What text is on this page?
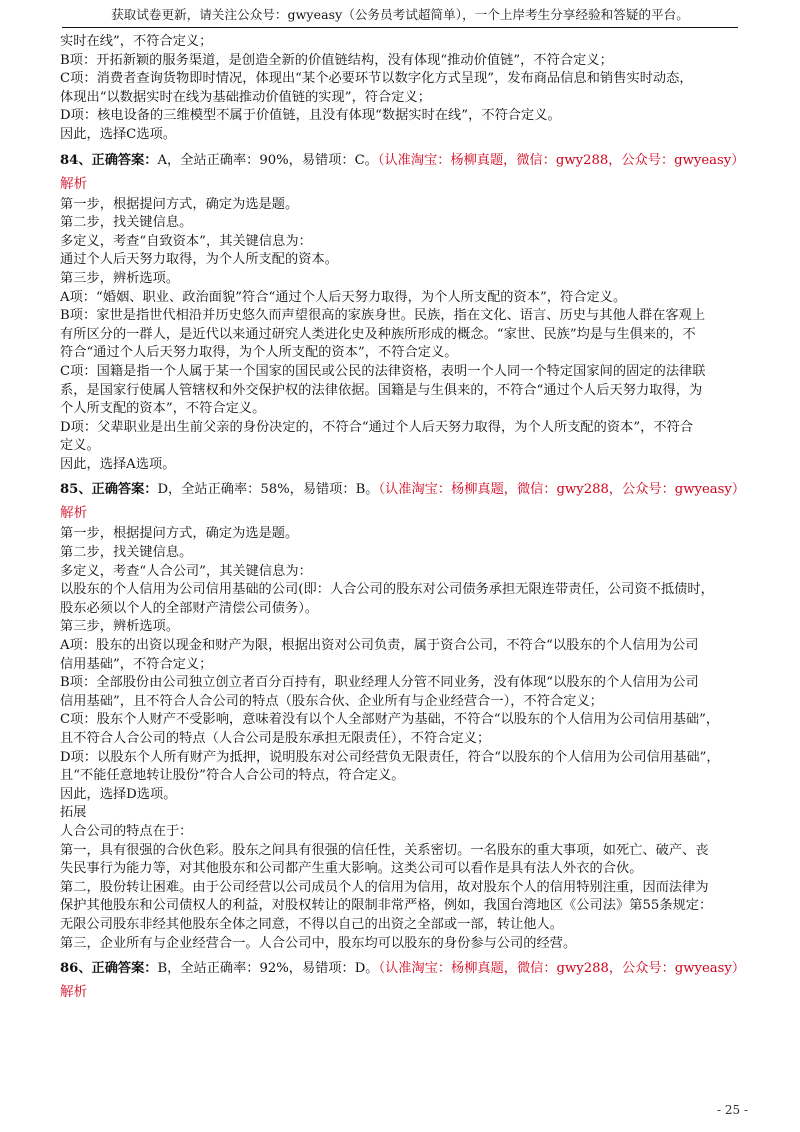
获取试卷更新，请关注公众号：gwyeasy（公务员考试超简单），一个上岸考生分享经验和答疑的平台。
实时在线”，不符合定义；
B项：开拓新颖的服务渠道，是创造全新的价值链结构，没有体现“推动价值链”，不符合定义；
C项：消费者查询货物即时情况，体现出“某个必要环节以数字化方式呈现”，发布商品信息和销售实时动态，
体现出“以数据实时在线为基础推动价值链的实现”，符合定义；
D项：核电设备的三维模型不属于价值链，且没有体现“数据实时在线”，不符合定义。
因此，选择C选项。
84、正确答案：A，全站正确率：90%，易错项：C。（认准淘宝：杨柳真题，微信：gwy288，公众号：gwyeasy）
解析
第一步，根据提问方式，确定为选是题。
第二步，找关键信息。
多定义，考查“自致资本”，其关键信息为：
通过个人后天努力取得，为个人所支配的资本。
第三步，辨析选项。
A项：“婚姻、职业、政治面貌”符合“通过个人后天努力取得，为个人所支配的资本”，符合定义。
B项：家世是指世代相沿并历史悠久而声望很高的家族身世。民族，指在文化、语言、历史与其他人群在客观上
有所区分的一群人，是近代以来通过研究人类进化史及种族所形成的概念。“家世、民族”均是与生俱来的，不
符合“通过个人后天努力取得，为个人所支配的资本”，不符合定义。
C项：国籍是指一个人属于某一个国家的国民或公民的法律资格，表明一个人同一个特定国家间的固定的法律联
系，是国家行使属人管辖权和外交保护权的法律依据。国籍是与生俱来的，不符合“通过个人后天努力取得，为
个人所支配的资本”，不符合定义。
D项：父辈职业是出生前父亲的身份决定的，不符合“通过个人后天努力取得，为个人所支配的资本”，不符合
定义。
因此，选择A选项。
85、正确答案：D，全站正确率：58%，易错项：B。（认准淘宝：杨柳真题，微信：gwy288，公众号：gwyeasy）
解析
第一步，根据提问方式，确定为选是题。
第二步，找关键信息。
多定义，考查“人合公司”，其关键信息为：
以股东的个人信用为公司信用基础的公司(即：人合公司的股东对公司债务承担无限连带责任，公司资不抵债时，
股东必须以个人的全部财产清偿公司债务）。
第三步，辨析选项。
A项：股东的出资以现金和财产为限，根据出资对公司负责，属于资合公司，不符合“以股东的个人信用为公司
信用基础”，不符合定义；
B项：全部股份由公司独立创立者百分百持有，职业经理人分管不同业务，没有体现“以股东的个人信用为公司
信用基础”，且不符合人合公司的特点（股东合伙、企业所有与企业经营合一），不符合定义；
C项：股东个人财产不受影响，意味着没有以个人全部财产为基础，不符合“以股东的个人信用为公司信用基础”，
且不符合人合公司的特点（人合公司是股东承担无限责任），不符合定义；
D项：以股东个人所有财产为抵押，说明股东对公司经营负无限责任，符合“以股东的个人信用为公司信用基础”，
且“不能任意地转让股份”符合人合公司的特点，符合定义。
因此，选择D选项。
拓展
人合公司的特点在于：
第一，具有很强的合伙色彩。股东之间具有很强的信任性，关系密切。一名股东的重大事项，如死亡、破产、丧
失民事行为能力等，对其他股东和公司都产生重大影响。这类公司可以看作是具有法人外衣的合伙。
第二，股份转让困难。由于公司经营以公司成员个人的信用为信用，故对股东个人的信用特别注重，因而法律为
保护其他股东和公司债权人的利益，对股权转让的限制非常严格，例如，我国台湾地区《公司法》第55条规定：
无限公司股东非经其他股东全体之同意，不得以自己的出资之全部或一部，转让他人。
第三，企业所有与企业经营合一。人合公司中，股东均可以股东的身份参与公司的经营。
86、正确答案：B，全站正确率：92%，易错项：D。（认准淘宝：杨柳真题，微信：gwy288，公众号：gwyeasy）
解析
- 25 -
